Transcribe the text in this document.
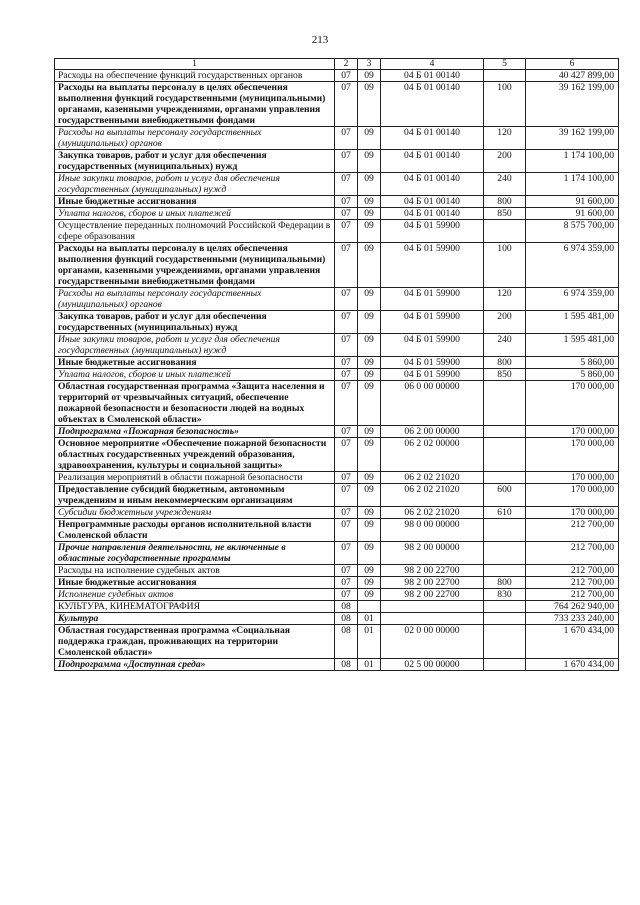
213
1	2	3	4	5	6
Расходы на обеспечение функций государственных органов	07	09	04 Б 01 00140		40 427 899,00
Расходы на выплаты персоналу в целях обеспечения выполнения функций государственными (муниципальными) органами, казенными учреждениями, органами управления государственными внебюджетными фондами	07	09	04 Б 01 00140	100	39 162 199,00
Расходы на выплаты персоналу государственных (муниципальных) органов	07	09	04 Б 01 00140	120	39 162 199,00
Закупка товаров, работ и услуг для обеспечения государственных (муниципальных) нужд	07	09	04 Б 01 00140	200	1 174 100,00
Иные закупки товаров, работ и услуг для обеспечения государственных (муниципальных) нужд	07	09	04 Б 01 00140	240	1 174 100,00
Иные бюджетные ассигнования	07	09	04 Б 01 00140	800	91 600,00
Уплата налогов, сборов и иных платежей	07	09	04 Б 01 00140	850	91 600,00
Осуществление переданных полномочий Российской Федерации в сфере образования	07	09	04 Б 01 59900		8 575 700,00
Расходы на выплаты персоналу в целях обеспечения выполнения функций государственными (муниципальными) органами, казенными учреждениями, органами управления государственными внебюджетными фондами	07	09	04 Б 01 59900	100	6 974 359,00
Расходы на выплаты персоналу государственных (муниципальных) органов	07	09	04 Б 01 59900	120	6 974 359,00
Закупка товаров, работ и услуг для обеспечения государственных (муниципальных) нужд	07	09	04 Б 01 59900	200	1 595 481,00
Иные закупки товаров, работ и услуг для обеспечения государственных (муниципальных) нужд	07	09	04 Б 01 59900	240	1 595 481,00
Иные бюджетные ассигнования	07	09	04 Б 01 59900	800	5 860,00
Уплата налогов, сборов и иных платежей	07	09	04 Б 01 59900	850	5 860,00
Областная государственная программа «Защита населения и территорий от чрезвычайных ситуаций, обеспечение пожарной безопасности и безопасности людей на водных объектах в Смоленской области»	07	09	06 0 00 00000		170 000,00
Подпрограмма «Пожарная безопасность»	07	09	06 2 00 00000		170 000,00
Основное мероприятие «Обеспечение пожарной безопасности областных государственных учреждений образования, здравоохранения, культуры и социальной защиты»	07	09	06 2 02 00000		170 000,00
Реализация мероприятий в области пожарной безопасности	07	09	06 2 02 21020		170 000,00
Предоставление субсидий бюджетным, автономным учреждениям и иным некоммерческим организациям	07	09	06 2 02 21020	600	170 000,00
Субсидии бюджетным учреждениям	07	09	06 2 02 21020	610	170 000,00
Непрограммные расходы органов исполнительной власти Смоленской области	07	09	98 0 00 00000		212 700,00
Прочие направления деятельности, не включенные в областные государственные программы	07	09	98 2 00 00000		212 700,00
Расходы на исполнение судебных актов	07	09	98 2 00 22700		212 700,00
Иные бюджетные ассигнования	07	09	98 2 00 22700	800	212 700,00
Исполнение судебных актов	07	09	98 2 00 22700	830	212 700,00
КУЛЬТУРА, КИНЕМАТОГРАФИЯ	08				764 262 940,00
Культура	08	01			733 233 240,00
Областная государственная программа «Социальная поддержка граждан, проживающих на территории Смоленской области»	08	01	02 0 00 00000		1 670 434,00
Подпрограмма «Доступная среда»	08	01	02 5 00 00000		1 670 434,00
